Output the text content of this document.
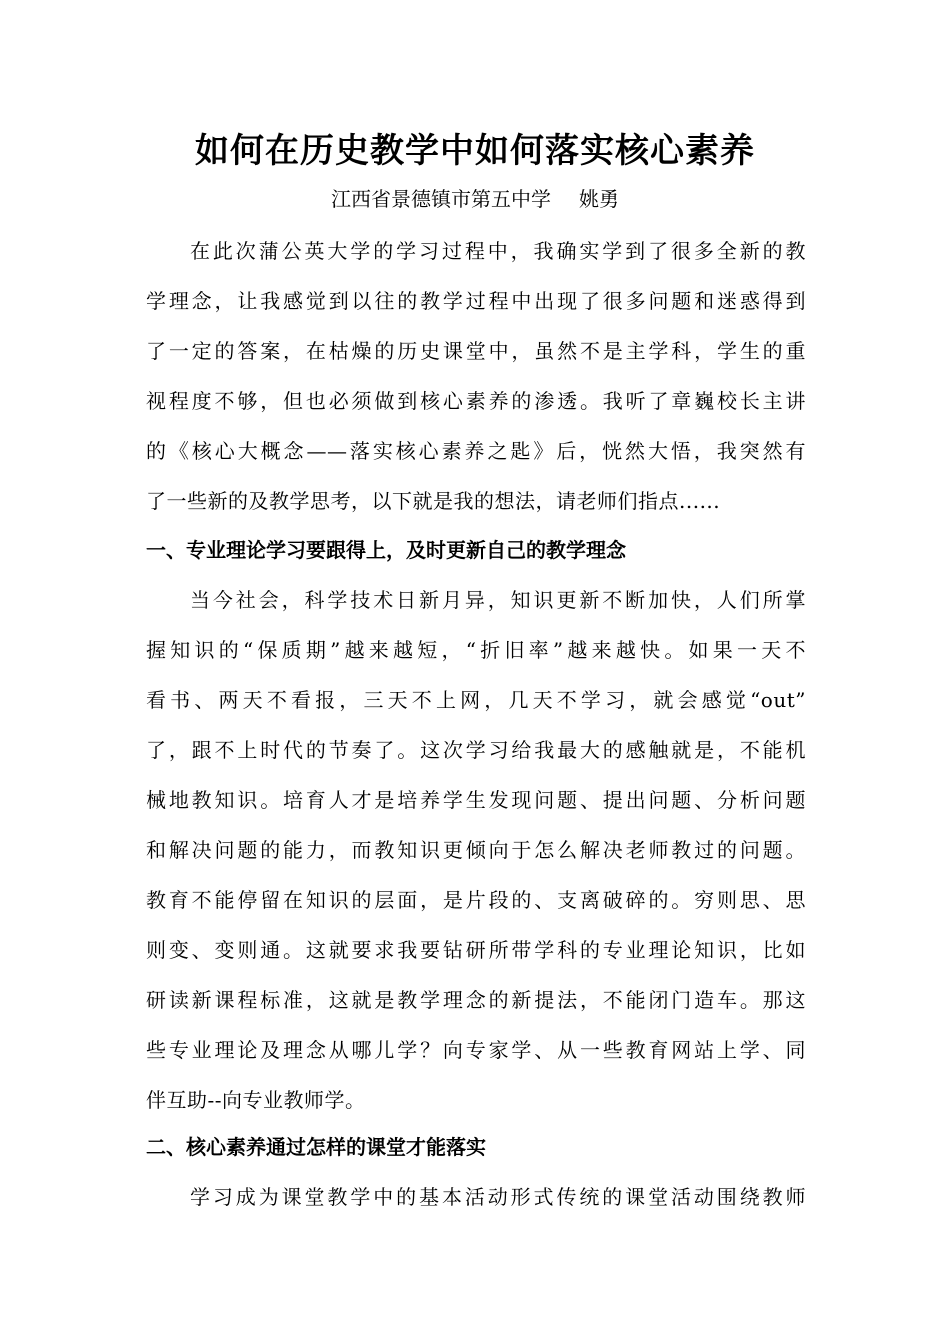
如何在历史教学中如何落实核心素养
江西省景德镇市第五中学 姚勇
在此次蒲公英大学的学习过程中，我确实学到了很多全新的教
学理念，让我感觉到以往的教学过程中出现了很多问题和迷惑得到
了一定的答案，在枯燥的历史课堂中，虽然不是主学科，学生的重
视程度不够，但也必须做到核心素养的渗透。我听了章巍校长主讲
的《核心大概念——落实核心素养之匙》后，恍然大悟，我突然有
了一些新的及教学思考，以下就是我的想法，请老师们指点......
一、专业理论学习要跟得上，及时更新自己的教学理念
当今社会，科学技术日新月异，知识更新不断加快，人们所掌
握知识的“保质期”越来越短，“折旧率”越来越快。如果一天不
看书、两天不看报，三天不上网，几天不学习，就会感觉“out”
了，跟不上时代的节奏了。这次学习给我最大的感触就是，不能机
械地教知识。培育人才是培养学生发现问题、提出问题、分析问题
和解决问题的能力，而教知识更倾向于怎么解决老师教过的问题。
教育不能停留在知识的层面，是片段的、支离破碎的。穷则思、思
则变、变则通。这就要求我要钻研所带学科的专业理论知识，比如
研读新课程标准，这就是教学理念的新提法，不能闭门造车。那这
些专业理论及理念从哪儿学？向专家学、从一些教育网站上学、同
伴互助--向专业教师学。
二、核心素养通过怎样的课堂才能落实
学习成为课堂教学中的基本活动形式传统的课堂活动围绕教师
